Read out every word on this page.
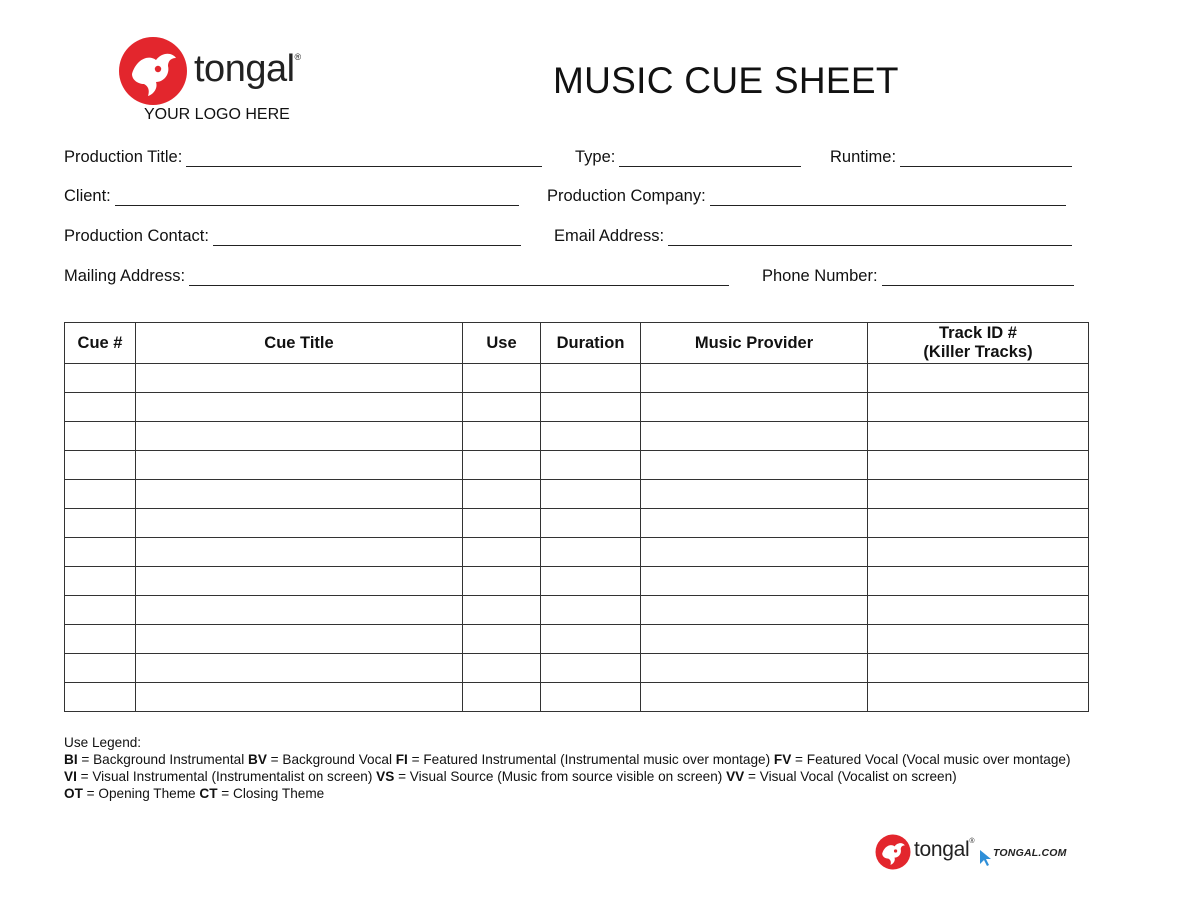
tongal®
YOUR LOGO HERE
MUSIC CUE SHEET
Production Title:	Type:	Runtime:
Client:	Production Company:
Production Contact:	Email Address:
Mailing Address:	Phone Number:
Cue #	Cue Title	Use	Duration	Music Provider	Track ID #
(Killer Tracks)

Use Legend:
BI = Background Instrumental BV = Background Vocal FI = Featured Instrumental (Instrumental music over montage) FV = Featured Vocal (Vocal music over montage) VI = Visual Instrumental (Instrumentalist on screen) VS = Visual Source (Music from source visible on screen) VV = Visual Vocal (Vocalist on screen)
OT = Opening Theme CT = Closing Theme
tongal®
TONGAL.COM
